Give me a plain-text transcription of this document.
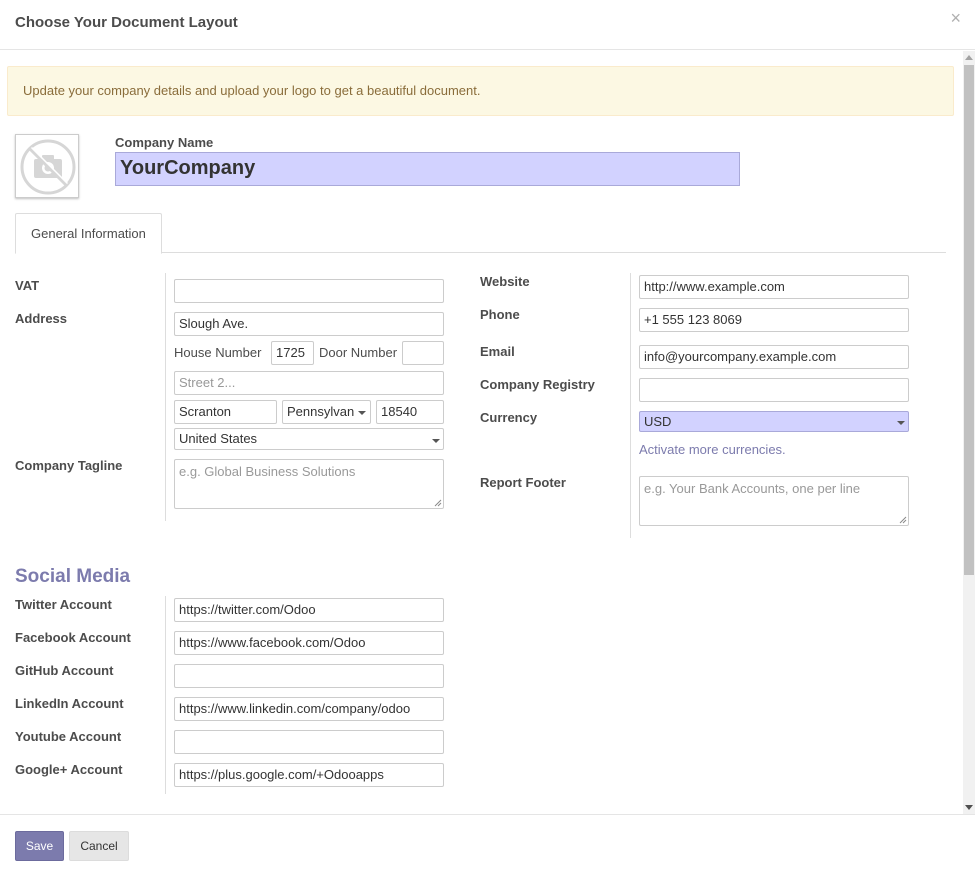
Choose Your Document Layout	×
Update your company details and upload your logo to get a beautiful document.
Company Name
YourCompany
General Information
VAT
Address	Slough Ave.
House Number	1725	Door Number
Street 2...
Scranton	Pennsylvan	18540
United States
Company Tagline	e.g. Global Business Solutions
Website	http://www.example.com
Phone	+1 555 123 8069
Email	info@yourcompany.example.com
Company Registry
Currency	USD
Activate more currencies.
Report Footer	e.g. Your Bank Accounts, one per line
Social Media
Twitter Account	https://twitter.com/Odoo
Facebook Account	https://www.facebook.com/Odoo
GitHub Account
LinkedIn Account	https://www.linkedin.com/company/odoo
Youtube Account
Google+ Account	https://plus.google.com/+Odooapps
Save	Cancel
